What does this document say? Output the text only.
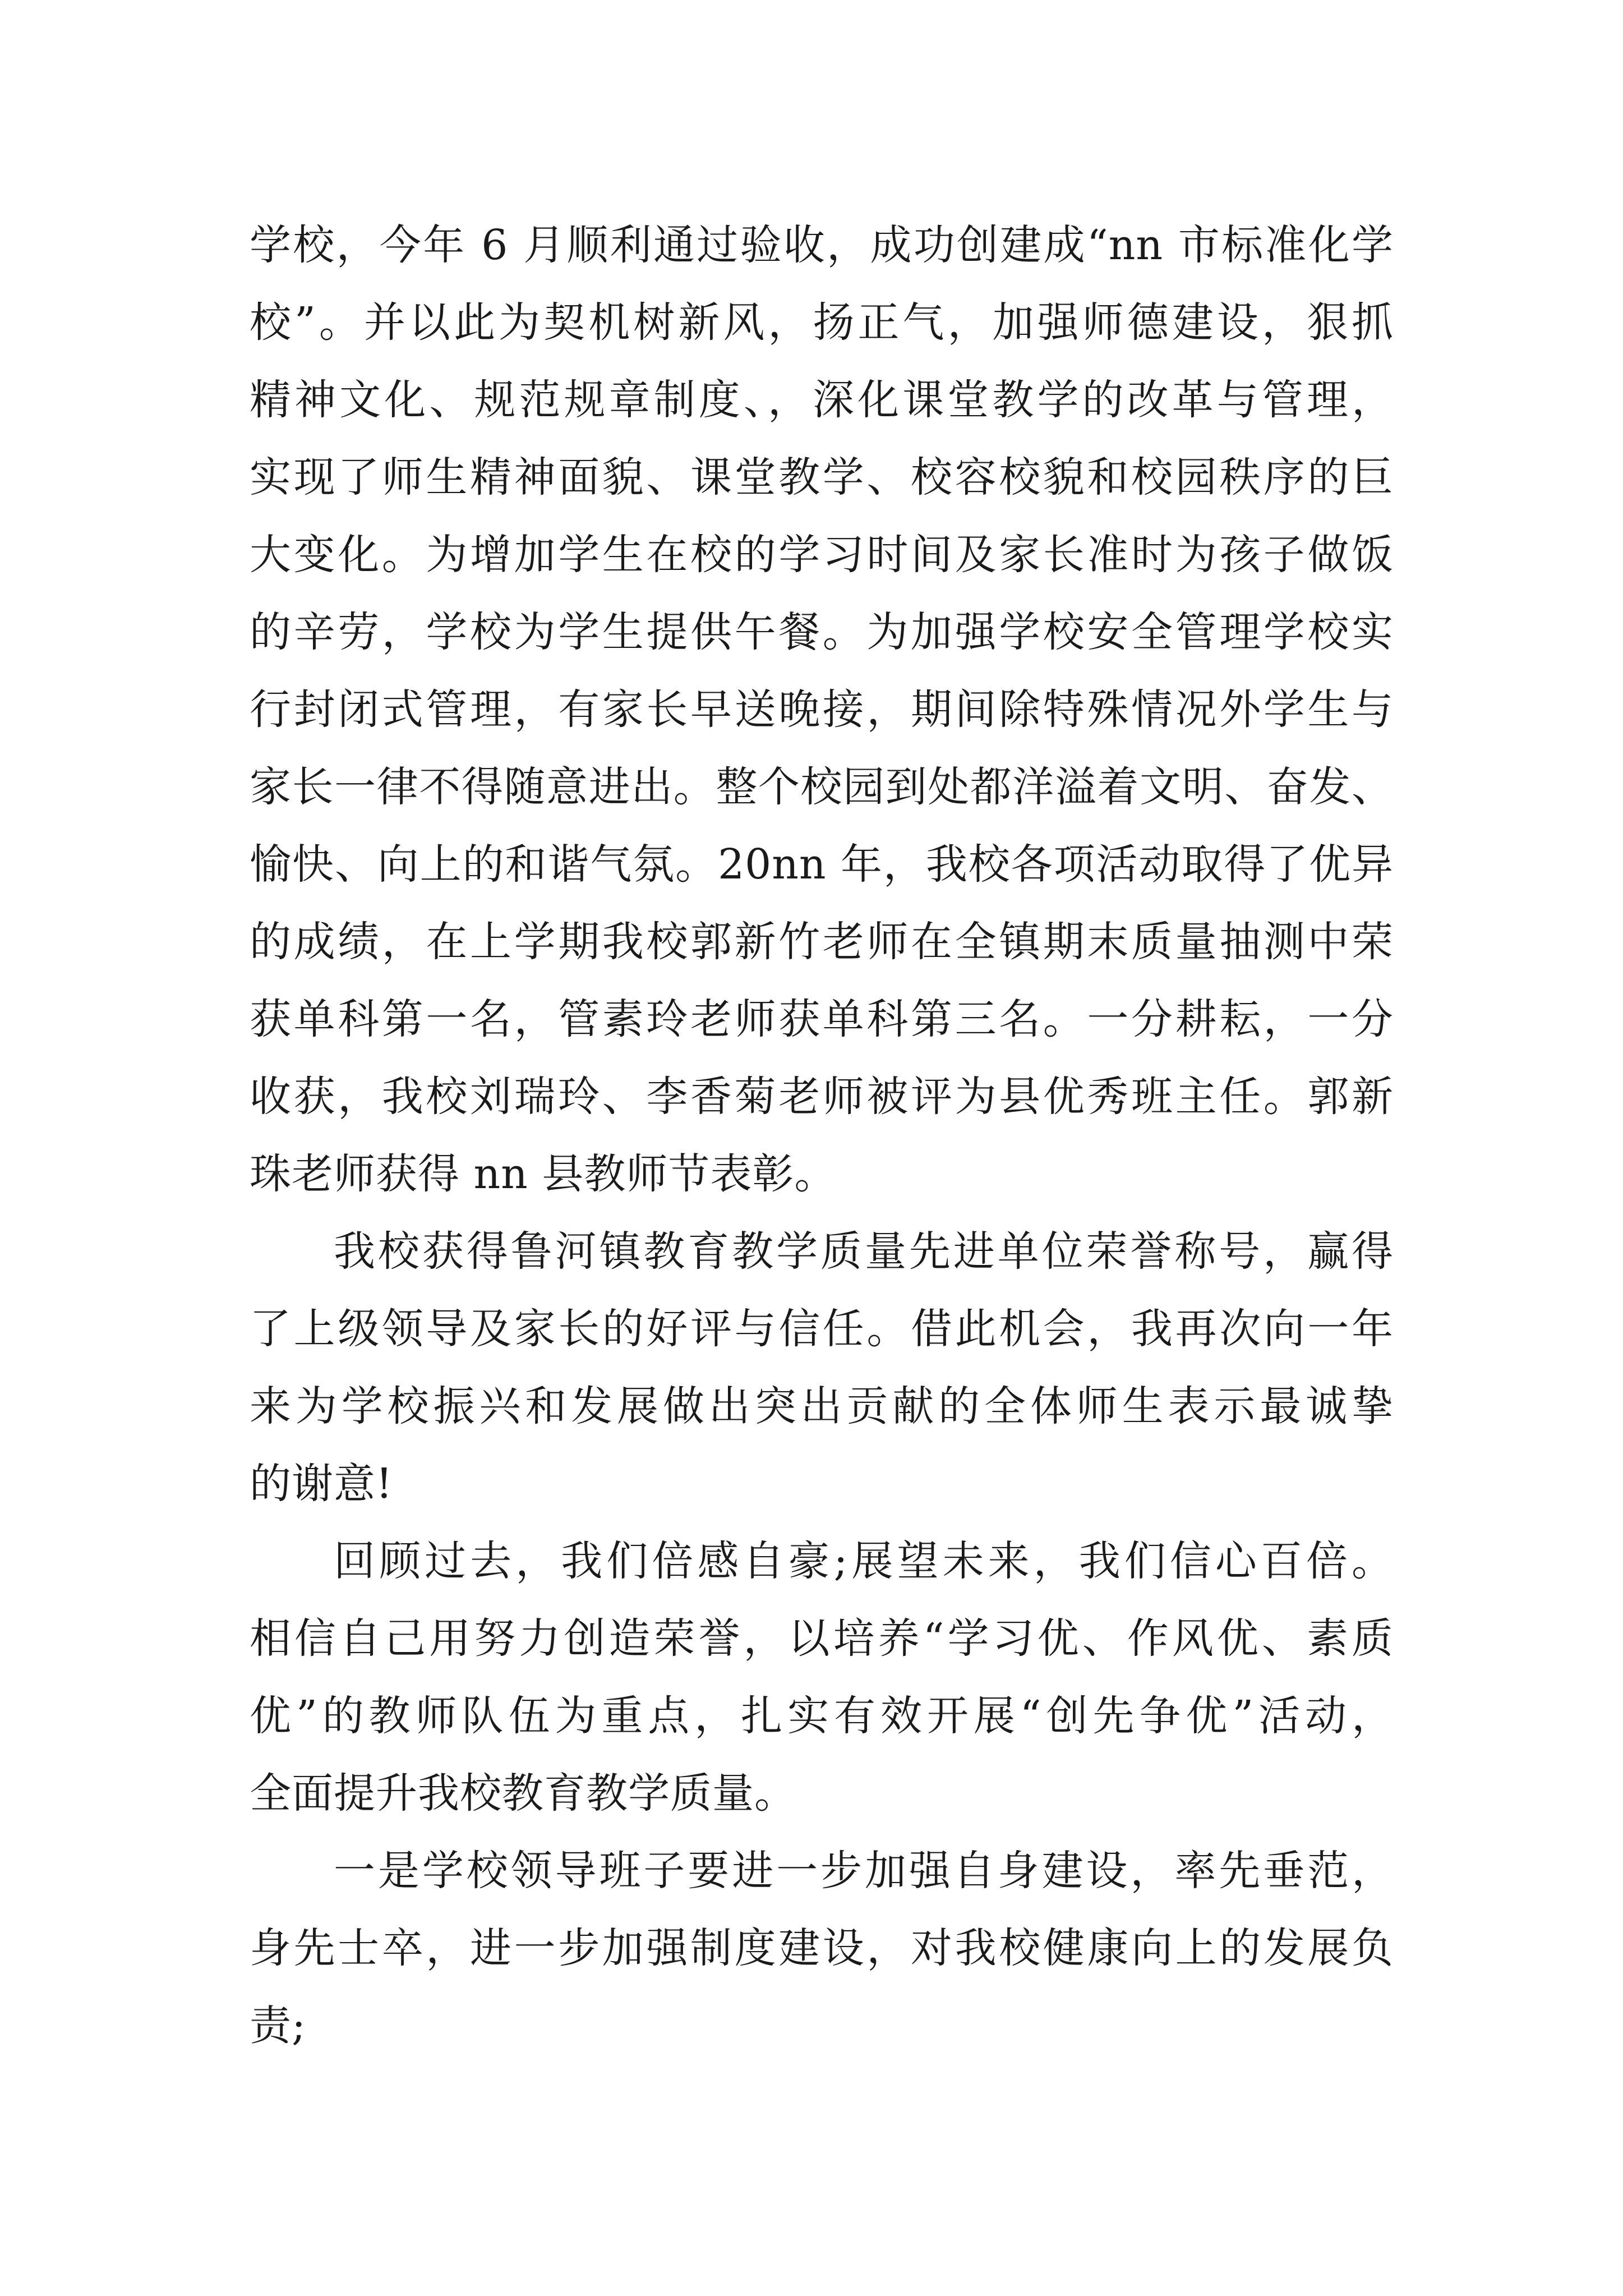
学校，今年 6 月顺利通过验收，成功创建成“nn 市标准化学
校”。并以此为契机树新风，扬正气，加强师德建设，狠抓
精神文化、规范规章制度、，深化课堂教学的改革与管理，
实现了师生精神面貌、课堂教学、校容校貌和校园秩序的巨
大变化。为增加学生在校的学习时间及家长准时为孩子做饭
的辛劳，学校为学生提供午餐。为加强学校安全管理学校实
行封闭式管理，有家长早送晚接，期间除特殊情况外学生与
家长一律不得随意进出。整个校园到处都洋溢着文明、奋发、
愉快、向上的和谐气氛。20nn 年，我校各项活动取得了优异
的成绩，在上学期我校郭新竹老师在全镇期末质量抽测中荣
获单科第一名，管素玲老师获单科第三名。一分耕耘，一分
收获，我校刘瑞玲、李香菊老师被评为县优秀班主任。郭新
珠老师获得 nn 县教师节表彰。
我校获得鲁河镇教育教学质量先进单位荣誉称号，赢得
了上级领导及家长的好评与信任。借此机会，我再次向一年
来为学校振兴和发展做出突出贡献的全体师生表示最诚挚
的谢意!
回顾过去，我们倍感自豪;展望未来，我们信心百倍。
相信自己用努力创造荣誉，以培养“学习优、作风优、素质
优”的教师队伍为重点，扎实有效开展“创先争优”活动，
全面提升我校教育教学质量。
一是学校领导班子要进一步加强自身建设，率先垂范，
身先士卒，进一步加强制度建设，对我校健康向上的发展负
责;
